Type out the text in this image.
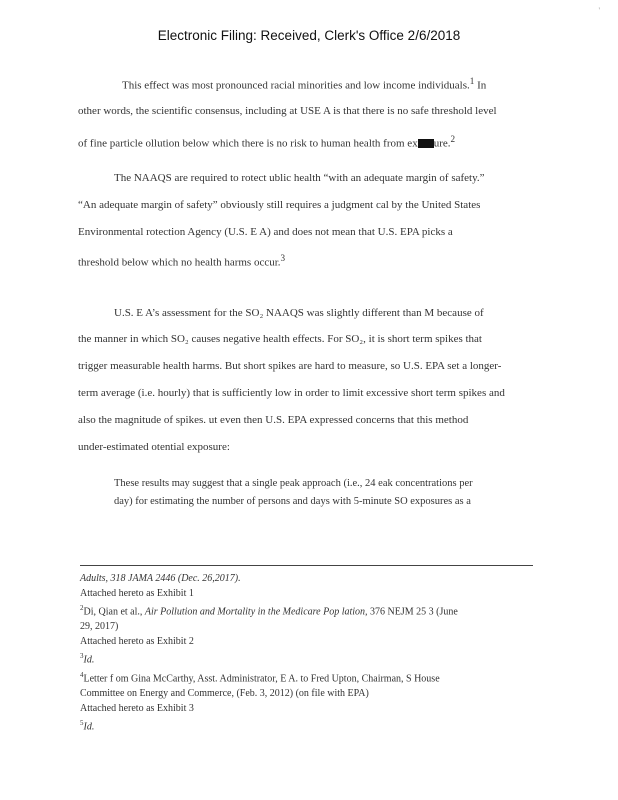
Electronic Filing: Received, Clerk's Office 2/6/2018
'
This effect was most pronounced racial minorities and low income individuals.$^1$ In
other words, the scientific consensus, including at USE A is that there is no safe threshold level
of fine particle ollution below which there is no risk to human health from ex ure.$^2$
The NAAQS are required to rotect ublic health “with an adequate margin of safety.”
“An adequate margin of safety” obviously still requires a judgment cal by the United States
Environmental rotection Agency (U.S. E A) and does not mean that U.S. EPA picks a
threshold below which no health harms occur.$^3$
U.S. E A’s assessment for the SO₂ NAAQS was slightly different than M because of
the manner in which SO₂ causes negative health effects. For SO₂, it is short term spikes that
trigger measurable health harms. But short spikes are hard to measure, so U.S. EPA set a longer-
term average (i.e. hourly) that is sufficiently low in order to limit excessive short term spikes and
also the magnitude of spikes. ut even then U.S. EPA expressed concerns that this method
under-estimated otential exposure:
These results may suggest that a single peak approach (i.e., 24 eak concentrations per
day) for estimating the number of persons and days with 5-minute SO exposures as a
Adults, 318 JAMA 2446 (Dec. 26,2017).
Attached hereto as Exhibit 1
$^2$Di, Qian et al., Air Pollution and Mortality in the Medicare Pop lation, 376 NEJM 25 3 (June
29, 2017)
Attached hereto as Exhibit 2
$^3$Id.
$^4$Letter f om Gina McCarthy, Asst. Administrator, E A. to Fred Upton, Chairman, S House
Committee on Energy and Commerce, (Feb. 3, 2012) (on file with EPA)
Attached hereto as Exhibit 3
$^5$Id.
